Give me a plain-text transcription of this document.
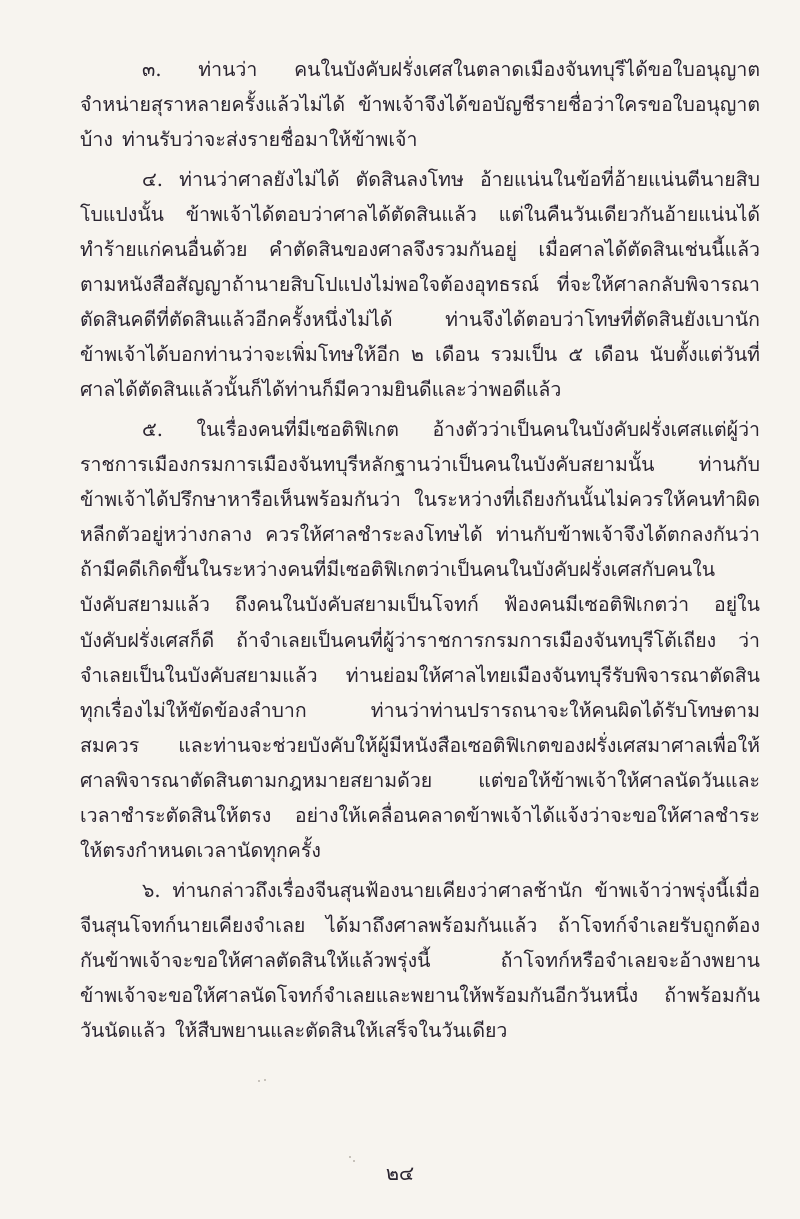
๓. ท่านว่า คนในบังคับฝรั่งเศสในตลาดเมืองจันทบุรีได้ขอใบอนุญาตจำหน่ายสุราหลายครั้งแล้วไม่ได้ ข้าพเจ้าจึงได้ขอบัญชีรายชื่อว่าใครขอใบอนุญาตบ้าง ท่านรับว่าจะส่งรายชื่อมาให้ข้าพเจ้า

๔. ท่านว่าศาลยังไม่ได้ ตัดสินลงโทษ อ้ายแน่นในข้อที่อ้ายแน่นตีนายสิบโบแปงนั้น ข้าพเจ้าได้ตอบว่าศาลได้ตัดสินแล้ว แต่ในคืนวันเดียวกันอ้ายแน่นได้ทำร้ายแก่คนอื่นด้วย คำตัดสินของศาลจึงรวมกันอยู่ เมื่อศาลได้ตัดสินเช่นนี้แล้ว ตามหนังสือสัญญาถ้านายสิบโปแปงไม่พอใจต้องอุทธรณ์ ที่จะให้ศาลกลับพิจารณาตัดสินคดีที่ตัดสินแล้วอีกครั้งหนึ่งไม่ได้ ท่านจึงได้ตอบว่าโทษที่ตัดสินยังเบานัก ข้าพเจ้าได้บอกท่านว่าจะเพิ่มโทษให้อีก ๒ เดือน รวมเป็น ๕ เดือน นับตั้งแต่วันที่ศาลได้ตัดสินแล้วนั้นก็ได้ท่านก็มีความยินดีและว่าพอดีแล้ว

๕. ในเรื่องคนที่มีเซอติฟิเกต อ้างตัวว่าเป็นคนในบังคับฝรั่งเศสแต่ผู้ว่าราชการเมืองกรมการเมืองจันทบุรีหลักฐานว่าเป็นคนในบังคับสยามนั้น ท่านกับข้าพเจ้าได้ปรึกษาหารือเห็นพร้อมกันว่า ในระหว่างที่เถียงกันนั้นไม่ควรให้คนทำผิดหลีกตัวอยู่หว่างกลาง ควรให้ศาลชำระลงโทษได้ ท่านกับข้าพเจ้าจึงได้ตกลงกันว่า ถ้ามีคดีเกิดขึ้นในระหว่างคนที่มีเซอติฟิเกตว่าเป็นคนในบังคับฝรั่งเศสกับคนในบังคับสยามแล้ว ถึงคนในบังคับสยามเป็นโจทก์ ฟ้องคนมีเซอติฟิเกตว่า อยู่ในบังคับฝรั่งเศสก็ดี ถ้าจำเลยเป็นคนที่ผู้ว่าราชการกรมการเมืองจันทบุรีโต้เถียง ว่าจำเลยเป็นในบังคับสยามแล้ว ท่านย่อมให้ศาลไทยเมืองจันทบุรีรับพิจารณาตัดสินทุกเรื่องไม่ให้ขัดข้องลำบาก ท่านว่าท่านปรารถนาจะให้คนผิดได้รับโทษตามสมควร และท่านจะช่วยบังคับให้ผู้มีหนังสือเซอติฟิเกตของฝรั่งเศสมาศาลเพื่อให้ศาลพิจารณาตัดสินตามกฎหมายสยามด้วย แต่ขอให้ข้าพเจ้าให้ศาลนัดวันและเวลาชำระตัดสินให้ตรง อย่างให้เคลื่อนคลาดข้าพเจ้าได้แจ้งว่าจะขอให้ศาลชำระให้ตรงกำหนดเวลานัดทุกครั้ง

๖. ท่านกล่าวถึงเรื่องจีนสุนฟ้องนายเคียงว่าศาลช้านัก ข้าพเจ้าว่าพรุ่งนี้เมื่อจีนสุนโจทก์นายเคียงจำเลย ได้มาถึงศาลพร้อมกันแล้ว ถ้าโจทก์จำเลยรับถูกต้องกันข้าพเจ้าจะขอให้ศาลตัดสินให้แล้วพรุ่งนี้ ถ้าโจทก์หรือจำเลยจะอ้างพยาน ข้าพเจ้าจะขอให้ศาลนัดโจทก์จำเลยและพยานให้พร้อมกันอีกวันหนึ่ง ถ้าพร้อมกันวันนัดแล้ว ให้สืบพยานและตัดสินให้เสร็จในวันเดียว

๒๔
